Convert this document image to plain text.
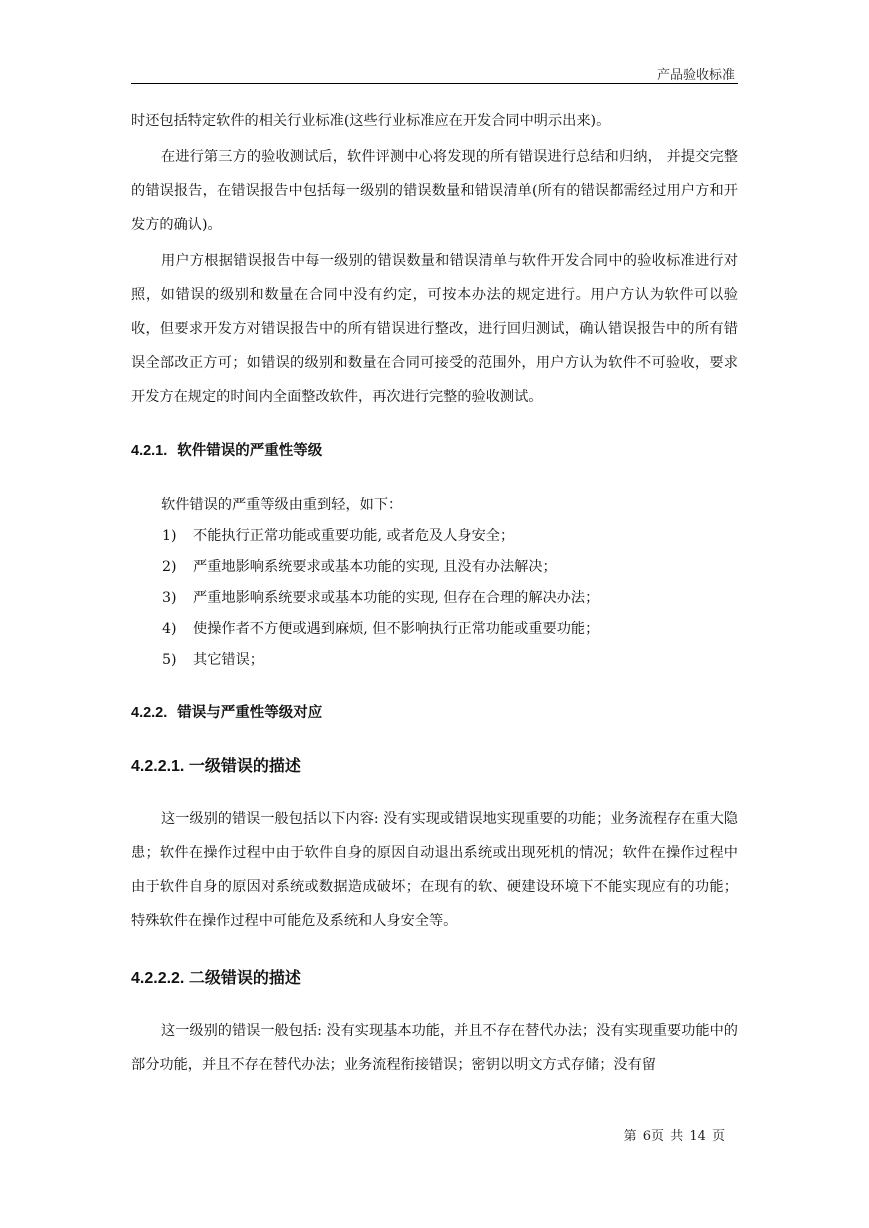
产品验收标准

时还包括特定软件的相关行业标准(这些行业标准应在开发合同中明示出来)。

在进行第三方的验收测试后，软件评测中心将发现的所有错误进行总结和归纳， 并提交完整的错误报告，在错误报告中包括每一级别的错误数量和错误清单(所有的错误都需经过用户方和开发方的确认)。

用户方根据错误报告中每一级别的错误数量和错误清单与软件开发合同中的验收标准进行对照，如错误的级别和数量在合同中没有约定，可按本办法的规定进行。用户方认为软件可以验收，但要求开发方对错误报告中的所有错误进行整改，进行回归测试，确认错误报告中的所有错误全部改正方可；如错误的级别和数量在合同可接受的范围外，用户方认为软件不可验收，要求开发方在规定的时间内全面整改软件，再次进行完整的验收测试。

4.2.1. 软件错误的严重性等级

软件错误的严重等级由重到轻，如下：

1)	不能执行正常功能或重要功能, 或者危及人身安全；
2)	严重地影响系统要求或基本功能的实现, 且没有办法解决；
3)	严重地影响系统要求或基本功能的实现, 但存在合理的解决办法；
4)	使操作者不方便或遇到麻烦, 但不影响执行正常功能或重要功能；
5)	其它错误；
4.2.2. 错误与严重性等级对应
4.2.2.1. 一级错误的描述

这一级别的错误一般包括以下内容: 没有实现或错误地实现重要的功能；业务流程存在重大隐患；软件在操作过程中由于软件自身的原因自动退出系统或出现死机的情况；软件在操作过程中由于软件自身的原因对系统或数据造成破坏；在现有的软、硬建设环境下不能实现应有的功能；特殊软件在操作过程中可能危及系统和人身安全等。

4.2.2.2. 二级错误的描述

这一级别的错误一般包括: 没有实现基本功能，并且不存在替代办法；没有实现重要功能中的部分功能，并且不存在替代办法；业务流程衔接错误；密钥以明文方式存储；没有留

第 6页 共 14 页
